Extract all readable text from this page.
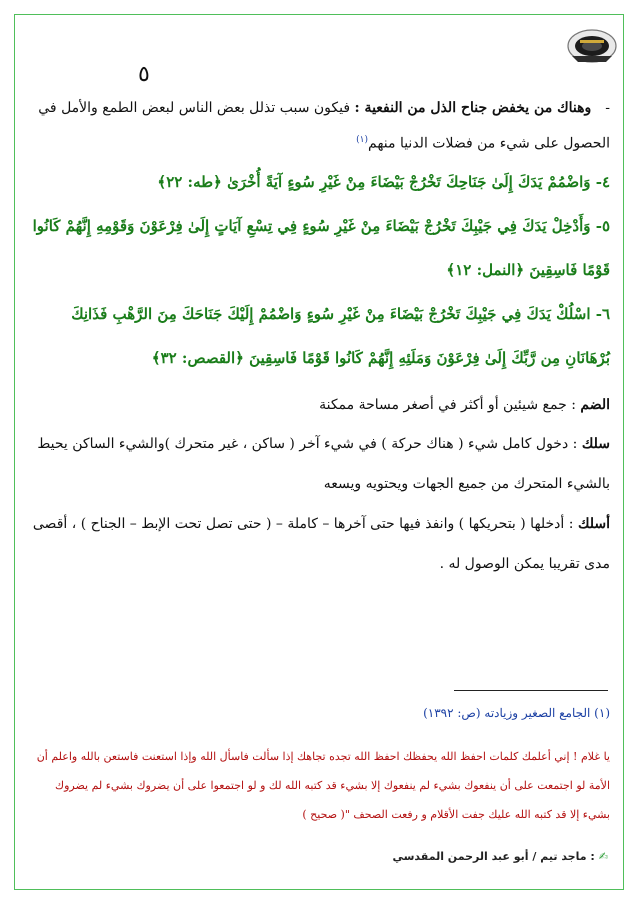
٥

-وهناك من يخفض جناح الذل من النفعية : فيكون سبب تذلل بعض الناس لبعض الطمع والأمل في الحصول على شيء من فضلات الدنيا منهم$^{(١)}$

٤- وَاضْمُمْ يَدَكَ إِلَىٰ جَنَاحِكَ تَخْرُجْ بَيْضَاءَ مِنْ غَيْرِ سُوءٍ آيَةً أُخْرَىٰ ﴿طه: ٢٢﴾

٥- وَأَدْخِلْ يَدَكَ فِي جَيْبِكَ تَخْرُجْ بَيْضَاءَ مِنْ غَيْرِ سُوءٍ فِي تِسْعِ آيَاتٍ إِلَىٰ فِرْعَوْنَ وَقَوْمِهِ إِنَّهُمْ كَانُوا قَوْمًا فَاسِقِينَ ﴿النمل: ١٢﴾

٦- اسْلُكْ يَدَكَ فِي جَيْبِكَ تَخْرُجْ بَيْضَاءَ مِنْ غَيْرِ سُوءٍ وَاضْمُمْ إِلَيْكَ جَنَاحَكَ مِنَ الرَّهْبِ فَذَانِكَ بُرْهَانَانِ مِن رَّبِّكَ إِلَىٰ فِرْعَوْنَ وَمَلَئِهِ إِنَّهُمْ كَانُوا قَوْمًا فَاسِقِينَ ﴿القصص: ٣٢﴾

الضم : جمع شيئين أو أكثر في أصغر مساحة ممكنة

سلك : دخول كامل شيء ( هناك حركة ) في شيء آخر ( ساكن ، غير متحرك )والشيء الساكن يحيط بالشيء المتحرك من جميع الجهات ويحتويه ويسعه

أسلك : أدخلها ( بتحريكها ) وانفذ فيها حتى آخرها – كاملة – ( حتى تصل تحت الإبط – الجناح ) ، أقصى مدى تقريبا يمكن الوصول له .

(١) الجامع الصغير وزيادته (ص: ١٣٩٢)
يا غلام ! إني أعلمك كلمات احفظ الله يحفظك احفظ الله تجده تجاهك إذا سألت فاسأل الله وإذا استعنت فاستعن بالله واعلم أن الأمة لو اجتمعت على أن ينفعوك بشيء لم ينفعوك إلا بشيء قد كتبه الله لك و لو اجتمعوا على أن يضروك بشيء لم يضروك بشيء إلا قد كتبه الله عليك جفت الأقلام و رفعت الصحف "( صحيح )
✍: ماجد تيم / أبو عبد الرحمن المقدسي
